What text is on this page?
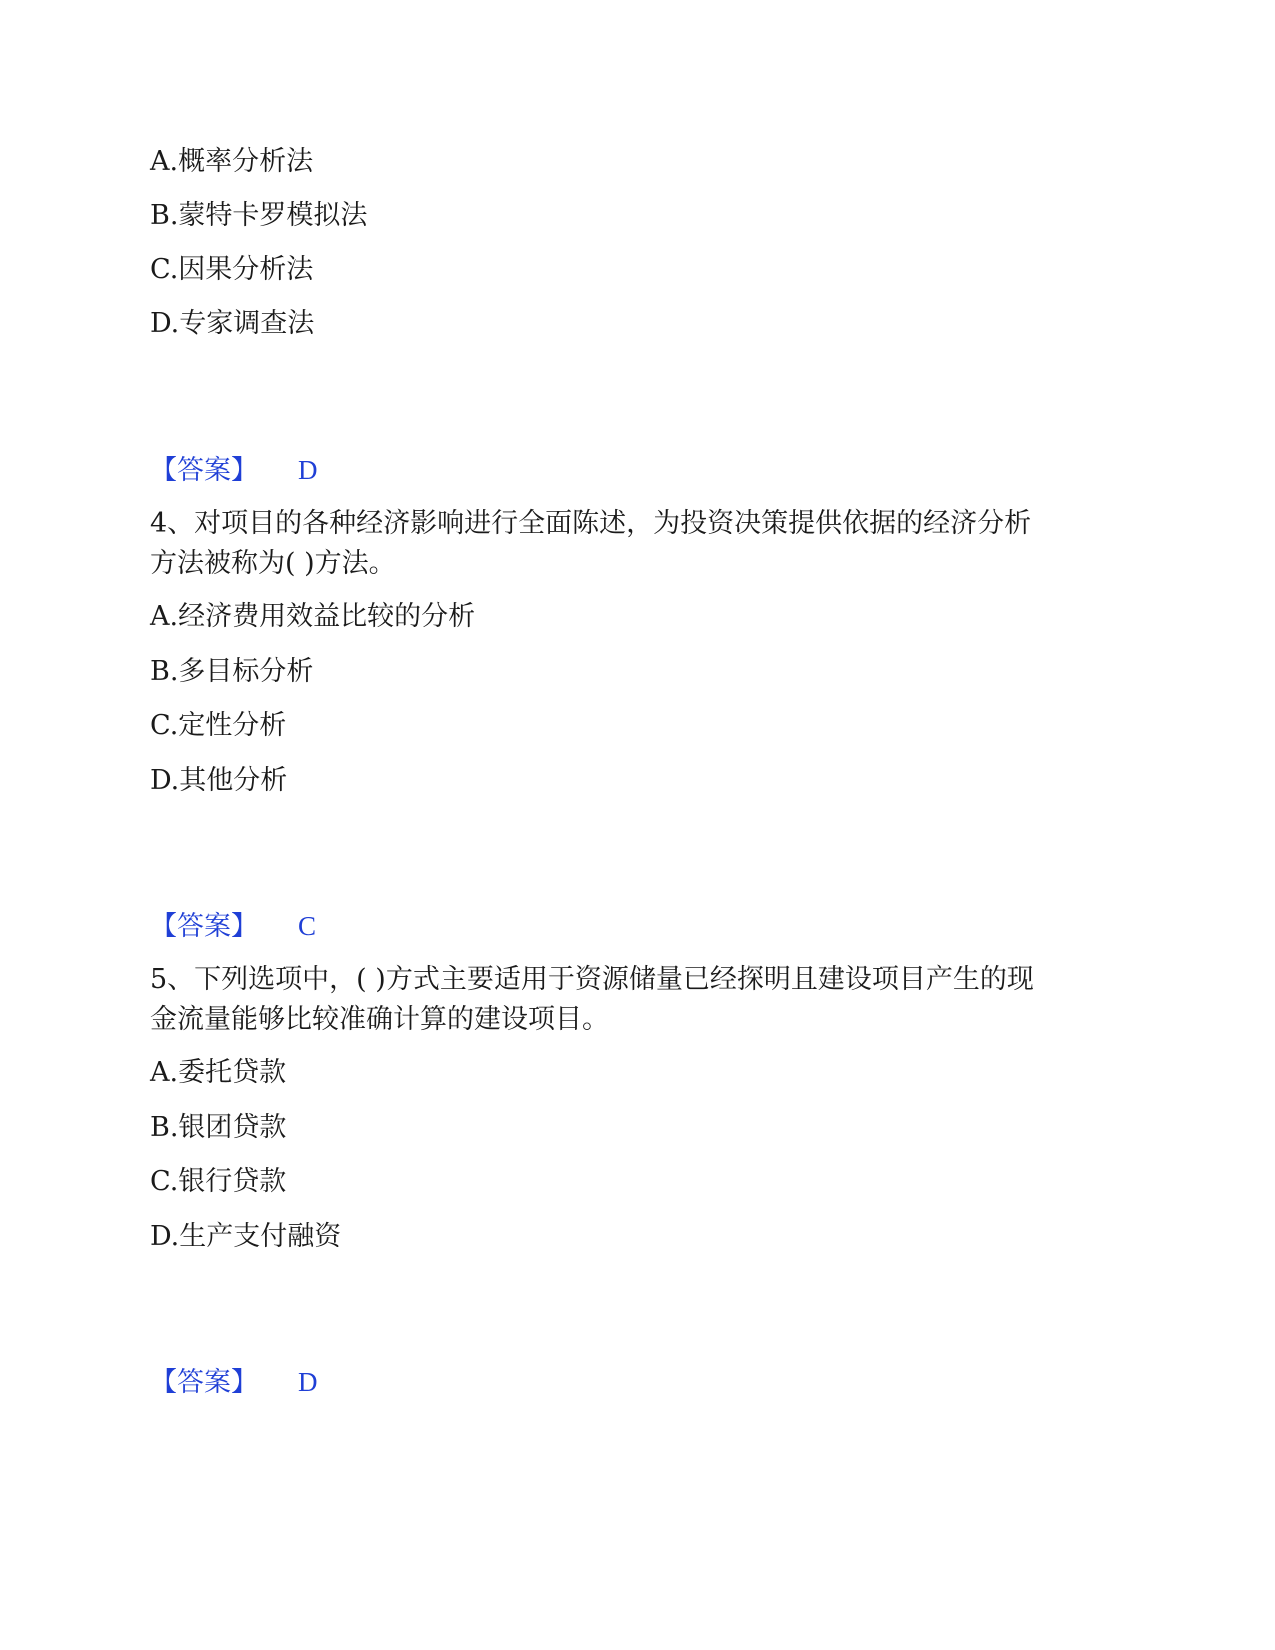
A.概率分析法
B.蒙特卡罗模拟法
C.因果分析法
D.专家调查法
【答案】 D
4、对项目的各种经济影响进行全面陈述，为投资决策提供依据的经济分析
方法被称为( )方法。
A.经济费用效益比较的分析
B.多目标分析
C.定性分析
D.其他分析
【答案】 C
5、下列选项中，( )方式主要适用于资源储量已经探明且建设项目产生的现
金流量能够比较准确计算的建设项目。
A.委托贷款
B.银团贷款
C.银行贷款
D.生产支付融资
【答案】 D
